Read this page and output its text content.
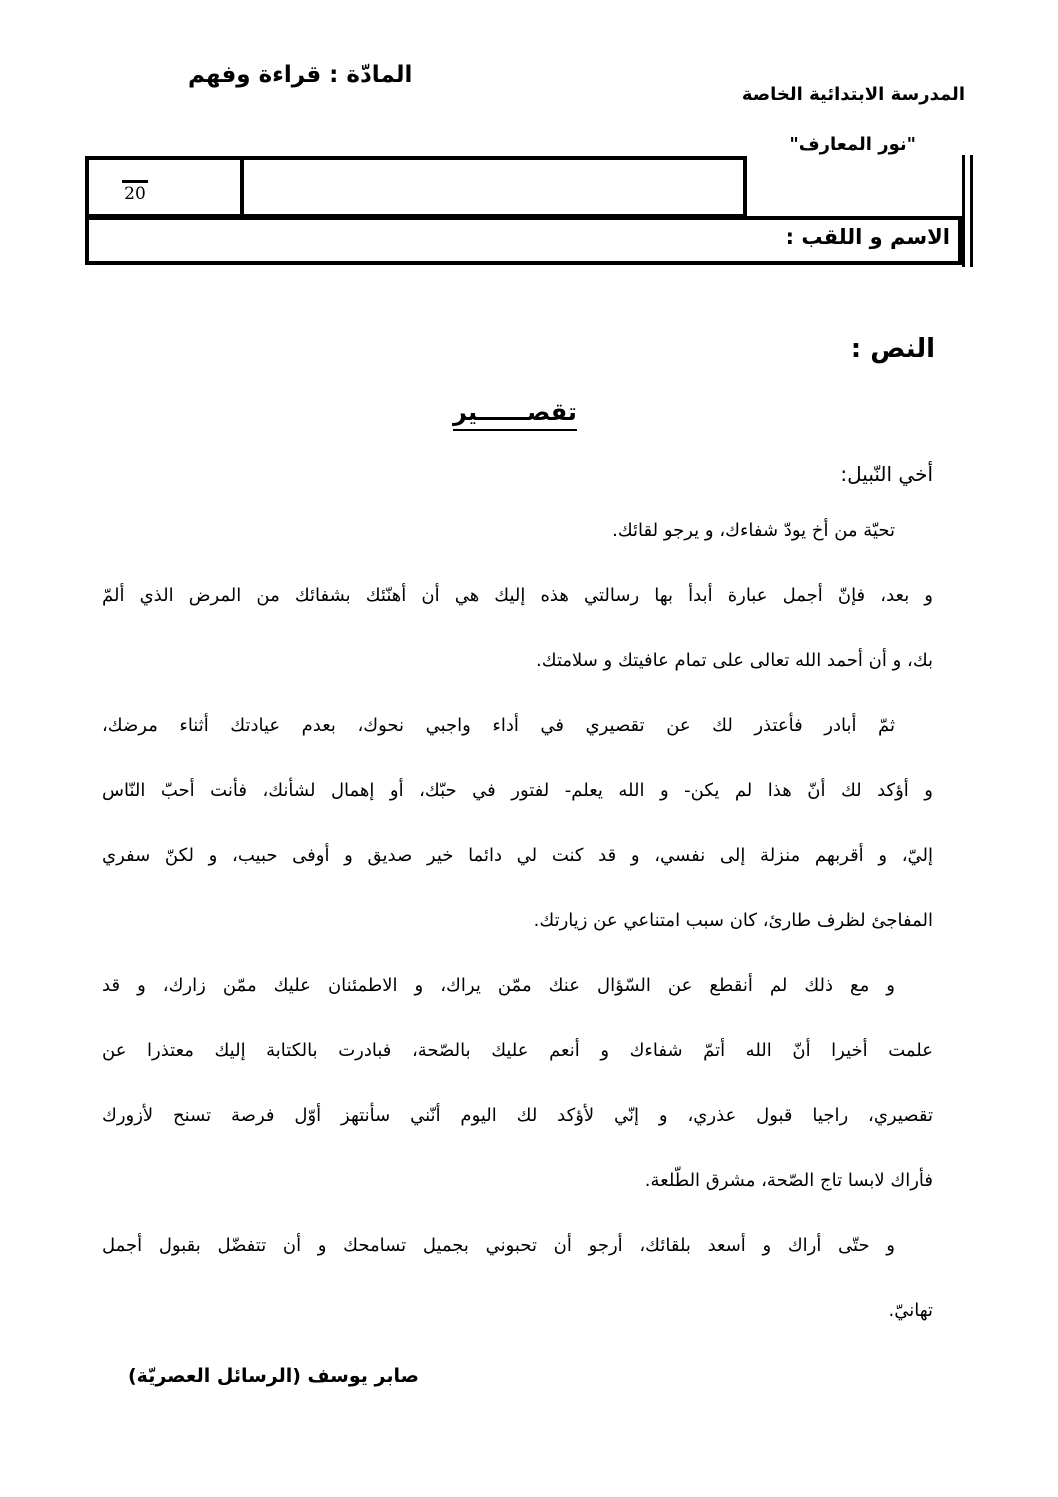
المادّة : قراءة وفهم
المدرسة الابتدائية الخاصة
"نور المعارف"
20
الاسم و اللقب :
النص :
تقصــــــير
أخي النّبيل:
تحيّة من أخ يودّ شفاءك، و يرجو لقائك.
و بعد، فإنّ أجمل عبارة أبدأ بها رسالتي هذه إليك هي أن أهنّئك بشفائك من المرض الذي ألمّ
بك، و أن أحمد الله تعالى على تمام عافيتك و سلامتك.
ثمّ أبادر فأعتذر لك عن تقصيري في أداء واجبي نحوك، بعدم عيادتك أثناء مرضك،
و أؤكد لك أنّ هذا لم يكن- و الله يعلم- لفتور في حبّك، أو إهمال لشأنك، فأنت أحبّ النّاس
إليّ، و أقربهم منزلة إلى نفسي، و قد كنت لي دائما خير صديق و أوفى حبيب، و لكنّ سفري
المفاجئ لظرف طارئ، كان سبب امتناعي عن زيارتك.
و مع ذلك لم أنقطع عن السّؤال عنك ممّن يراك، و الاطمئنان عليك ممّن زارك، و قد
علمت أخيرا أنّ الله أتمّ شفاءك و أنعم عليك بالصّحة، فبادرت بالكتابة إليك معتذرا عن
تقصيري، راجيا قبول عذري، و إنّي لأؤكد لك اليوم أنّني سأنتهز أوّل فرصة تسنح لأزورك
فأراك لابسا تاج الصّحة، مشرق الطّلعة.
و حتّى أراك و أسعد بلقائك، أرجو أن تحبوني بجميل تسامحك و أن تتفضّل بقبول أجمل
تهانيّ.
صابر يوسف (الرسائل العصريّة)
